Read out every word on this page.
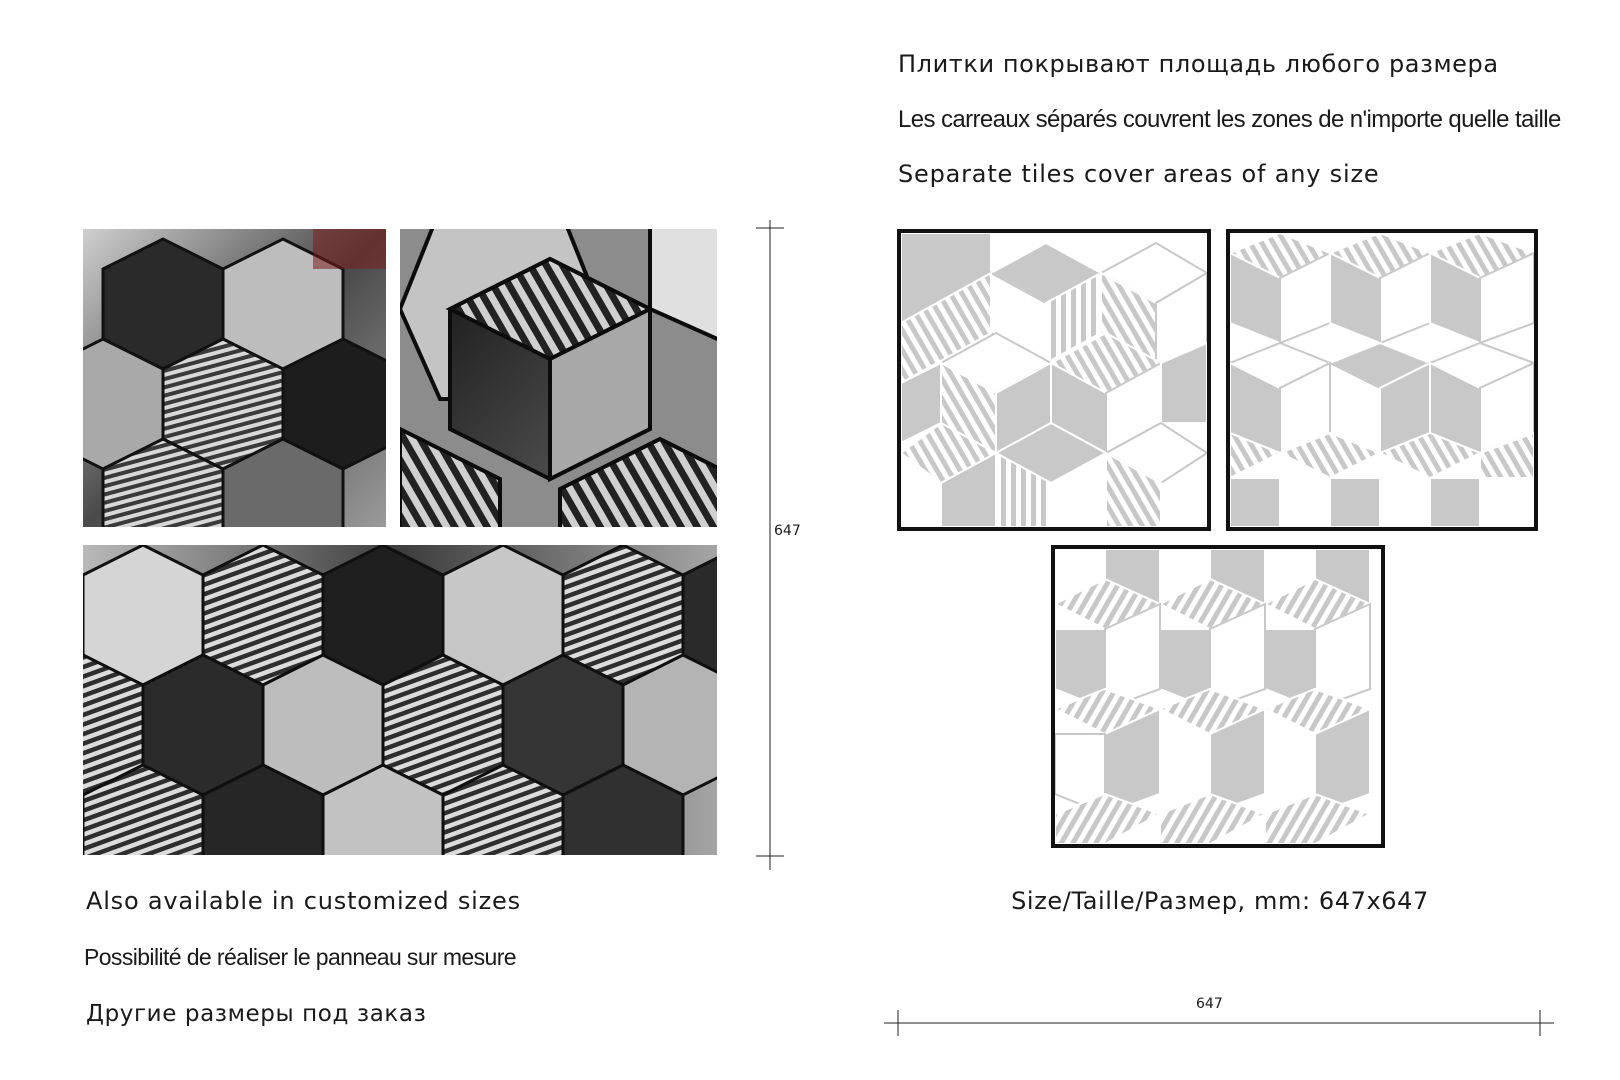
Плитки покрывают площадь любого размера
Les carreaux séparés couvrent les zones de n'importe quelle taille
Separate tiles cover areas of any size
647
Also available in customized sizes
Possibilité de réaliser le panneau sur mesure
Другие размеры под заказ
Size/Taille/Размер, mm: 647x647
647
